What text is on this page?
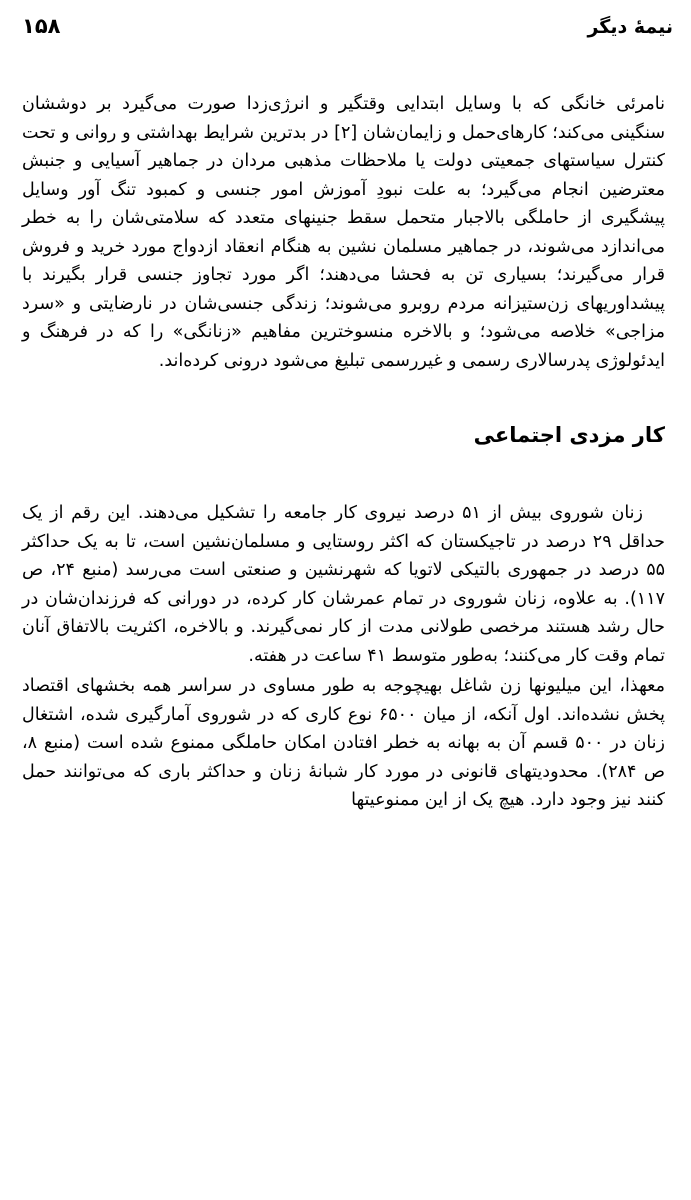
۱۵۸	نیمهٔ دیگر

نامرئی خانگی که با وسایل ابتدایی وقتگیر و انرژی‌زدا صورت می‌گیرد بر دوششان سنگینی می‌کند؛ کارهای‌حمل و زایمان‌شان [۲] در بدترین شرایط بهداشتی و روانی و تحت کنترل سیاستهای جمعیتی دولت یا ملاحظات مذهبی مردان در جماهیر آسیایی و جنبش معترضین انجام می‌گیرد؛ به علت نبودِ آموزش امور جنسی و کمبود تنگ آور وسایل پیشگیری از حاملگی بالاجبار متحمل سقط جنینهای متعدد که سلامتی‌شان را به خطر می‌اندازد می‌شوند، در جماهیر مسلمان نشین به هنگام انعقاد ازدواج مورد خرید و فروش قرار می‌گیرند؛ بسیاری تن به فحشا می‌دهند؛ اگر مورد تجاوز جنسی قرار بگیرند با پیشداوریهای زن‌ستیزانه مردم روبرو می‌شوند؛ زندگی جنسی‌شان در نارضایتی و «سرد مزاجی» خلاصه می‌شود؛ و بالاخره منسوخترین مفاهیم «زنانگی» را که در فرهنگ و ایدئولوژی پدرسالاری رسمی و غیررسمی تبلیغ می‌شود درونی کرده‌اند.

کار مزدی اجتماعی

زنان شوروی بیش از ۵۱ درصد نیروی کار جامعه را تشکیل می‌دهند. این رقم از یک حداقل ۲۹ درصد در تاجیکستان که اکثر روستایی و مسلمان‌نشین است، تا به یک حداکثر ۵۵ درصد در جمهوری بالتیکی لاتویا که شهرنشین و صنعتی است می‌رسد (منبع ۲۴، ص ۱۱۷). به علاوه، زنان شوروی در تمام عمرشان کار کرده، در دورانی که فرزندان‌شان در حال رشد هستند مرخصی طولانی مدت از کار نمی‌گیرند. و بالاخره، اکثریت بالاتفاق آنان تمام وقت کار می‌کنند؛ به‌طور متوسط ۴۱ ساعت در هفته.

معهذا، این میلیونها زن شاغل بهیچوجه به طور مساوی در سراسر همه بخشهای اقتصاد پخش نشده‌اند. اول آنکه، از میان ۶۵۰۰ نوع کاری که در شوروی آمارگیری شده، اشتغال زنان در ۵۰۰ قسم آن به بهانه به خطر افتادن امکان حاملگی ممنوع شده است (منبع ۸، ص ۲۸۴). محدودیتهای قانونی در مورد کار شبانهٔ زنان و حداکثر باری که می‌توانند حمل کنند نیز وجود دارد. هیچ یک از این ممنوعیتها
